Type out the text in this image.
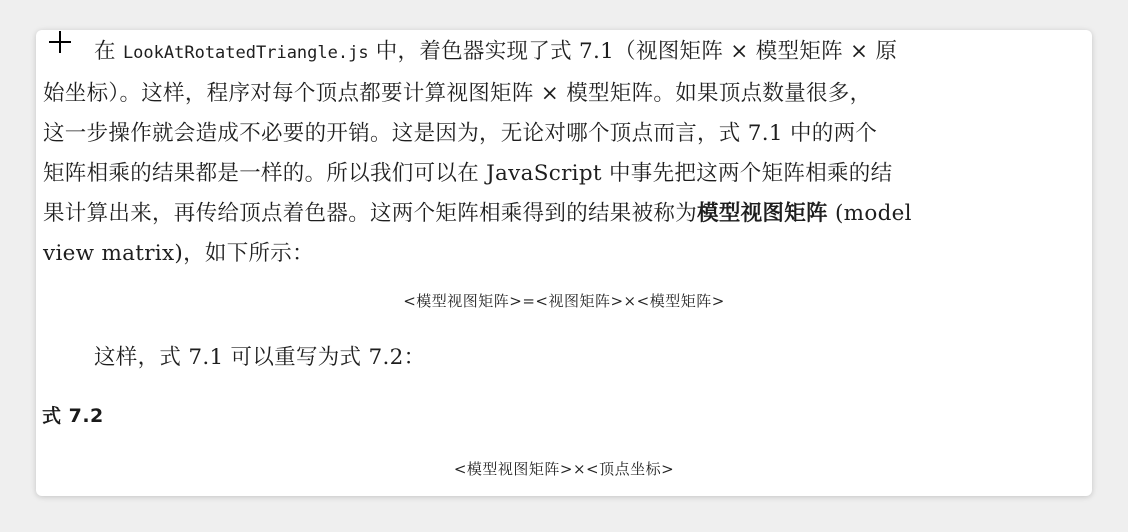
在 LookAtRotatedTriangle.js 中，着色器实现了式 7.1（视图矩阵 × 模型矩阵 × 原
始坐标）。这样，程序对每个顶点都要计算视图矩阵 × 模型矩阵。如果顶点数量很多，
这一步操作就会造成不必要的开销。这是因为，无论对哪个顶点而言，式 7.1 中的两个
矩阵相乘的结果都是一样的。所以我们可以在 JavaScript 中事先把这两个矩阵相乘的结
果计算出来，再传给顶点着色器。这两个矩阵相乘得到的结果被称为模型视图矩阵 (model
view matrix)，如下所示：
<模型视图矩阵>=<视图矩阵>×<模型矩阵>
这样，式 7.1 可以重写为式 7.2：
式 7.2
<模型视图矩阵>×<顶点坐标>
